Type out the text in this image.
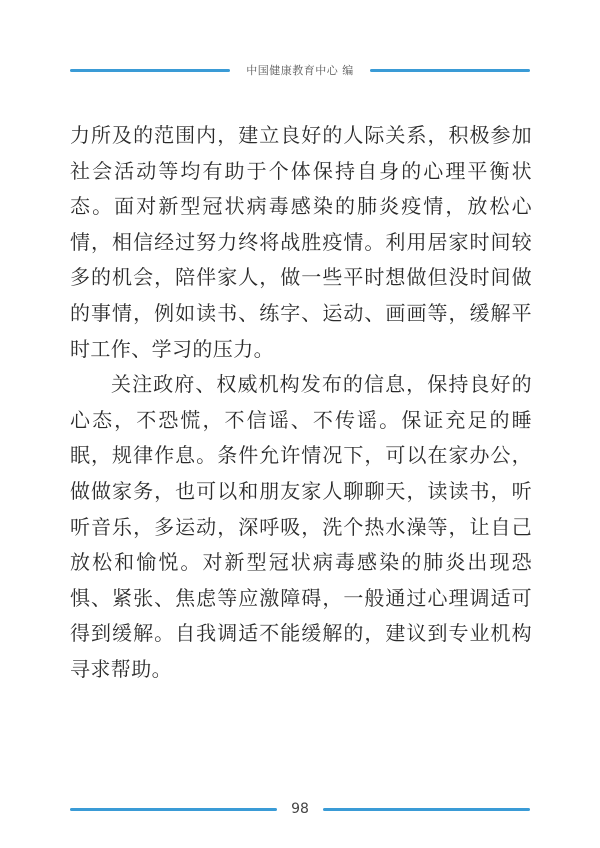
中国健康教育中心 编

力所及的范围内，建立良好的人际关系，积极参加社会活动等均有助于个体保持自身的心理平衡状态。面对新型冠状病毒感染的肺炎疫情，放松心情，相信经过努力终将战胜疫情。利用居家时间较多的机会，陪伴家人，做一些平时想做但没时间做的事情，例如读书、练字、运动、画画等，缓解平时工作、学习的压力。

关注政府、权威机构发布的信息，保持良好的心态，不恐慌，不信谣、不传谣。保证充足的睡眠，规律作息。条件允许情况下，可以在家办公，做做家务，也可以和朋友家人聊聊天，读读书，听听音乐，多运动，深呼吸，洗个热水澡等，让自己放松和愉悦。对新型冠状病毒感染的肺炎出现恐惧、紧张、焦虑等应激障碍，一般通过心理调适可得到缓解。自我调适不能缓解的，建议到专业机构寻求帮助。

98
